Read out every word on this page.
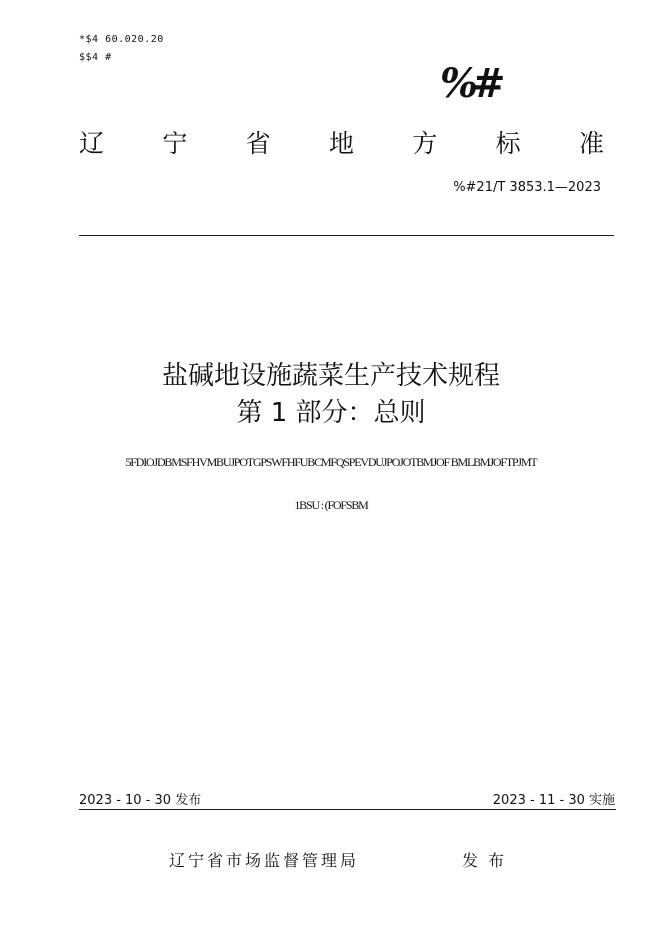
*$4 60.020.20
$$4 #
%#
辽 宁 省 地 方 标 准
%#21/T 3853.1—2023
盐碱地设施蔬菜生产技术规程
第 1 部分：总则
5FDIOJDBMSFHVMBUJPOTGPSWFHFUBCMFQSPEVDUJPOJOTBMJOF BMLBMJOFTPJMT
1BSU : (FOFSBM
2023 - 10 - 30 发布	2023 - 11 - 30 实施
辽宁省市场监督管理局	发布
